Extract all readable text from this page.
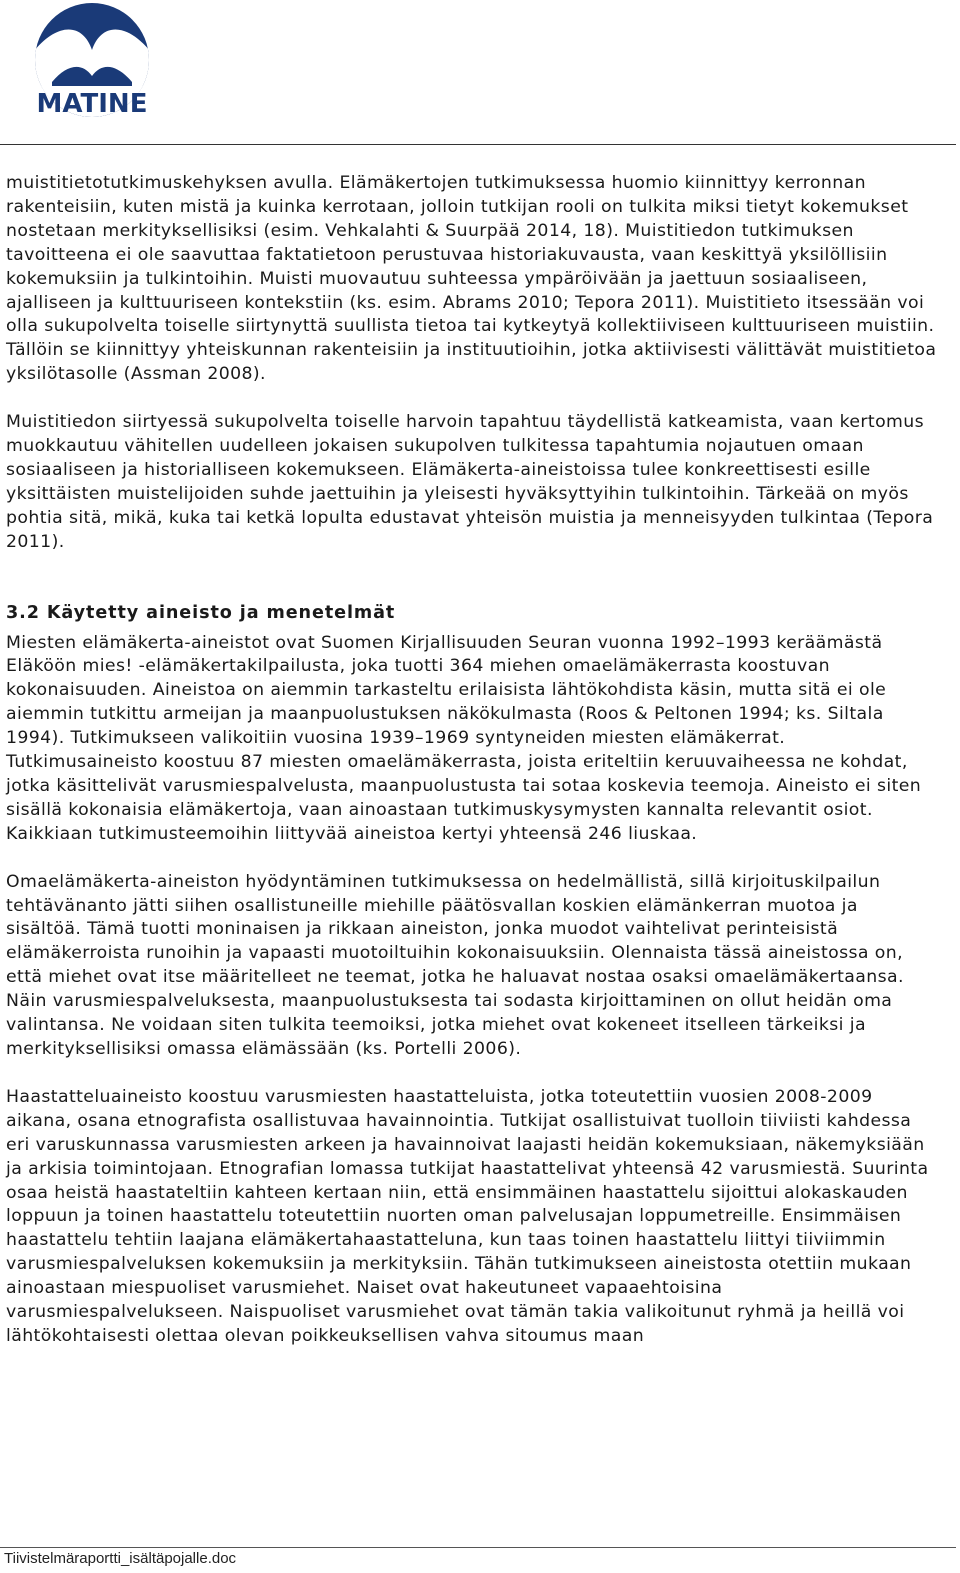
MATINE

muistitietotutkimuskehyksen avulla. Elämäkertojen tutkimuksessa huomio kiinnittyy kerronnan rakenteisiin, kuten mistä ja kuinka kerrotaan, jolloin tutkijan rooli on tulkita miksi tietyt kokemukset nostetaan merkityksellisiksi (esim. Vehkalahti & Suurpää 2014, 18). Muistitiedon tutkimuksen tavoitteena ei ole saavuttaa faktatietoon perustuvaa historiakuvausta, vaan keskittyä yksilöllisiin kokemuksiin ja tulkintoihin. Muisti muovautuu suhteessa ympäröivään ja jaettuun sosiaaliseen, ajalliseen ja kulttuuriseen kontekstiin (ks. esim. Abrams 2010; Tepora 2011). Muistitieto itsessään voi olla sukupolvelta toiselle siirtynyttä suullista tietoa tai kytkeytyä kollektiiviseen kulttuuriseen muistiin. Tällöin se kiinnittyy yhteiskunnan rakenteisiin ja instituutioihin, jotka aktiivisesti välittävät muistitietoa yksilötasolle (Assman 2008).

Muistitiedon siirtyessä sukupolvelta toiselle harvoin tapahtuu täydellistä katkeamista, vaan kertomus muokkautuu vähitellen uudelleen jokaisen sukupolven tulkitessa tapahtumia nojautuen omaan sosiaaliseen ja historialliseen kokemukseen. Elämäkerta-aineistoissa tulee konkreettisesti esille yksittäisten muistelijoiden suhde jaettuihin ja yleisesti hyväksyttyihin tulkintoihin. Tärkeää on myös pohtia sitä, mikä, kuka tai ketkä lopulta edustavat yhteisön muistia ja menneisyyden tulkintaa (Tepora 2011).

3.2 Käytetty aineisto ja menetelmät

Miesten elämäkerta-aineistot ovat Suomen Kirjallisuuden Seuran vuonna 1992–1993 keräämästä Eläköön mies! -elämäkertakilpailusta, joka tuotti 364 miehen omaelämäkerrasta koostuvan kokonaisuuden. Aineistoa on aiemmin tarkasteltu erilaisista lähtökohdista käsin, mutta sitä ei ole aiemmin tutkittu armeijan ja maanpuolustuksen näkökulmasta (Roos & Peltonen 1994; ks. Siltala 1994). Tutkimukseen valikoitiin vuosina 1939–1969 syntyneiden miesten elämäkerrat. Tutkimusaineisto koostuu 87 miesten omaelämäkerrasta, joista eriteltiin keruuvaiheessa ne kohdat, jotka käsittelivät varusmiespalvelusta, maanpuolustusta tai sotaa koskevia teemoja. Aineisto ei siten sisällä kokonaisia elämäkertoja, vaan ainoastaan tutkimuskysymysten kannalta relevantit osiot. Kaikkiaan tutkimusteemoihin liittyvää aineistoa kertyi yhteensä 246 liuskaa.

Omaelämäkerta-aineiston hyödyntäminen tutkimuksessa on hedelmällistä, sillä kirjoituskilpailun tehtävänanto jätti siihen osallistuneille miehille päätösvallan koskien elämänkerran muotoa ja sisältöä. Tämä tuotti moninaisen ja rikkaan aineiston, jonka muodot vaihtelivat perinteisistä elämäkerroista runoihin ja vapaasti muotoiltuihin kokonaisuuksiin. Olennaista tässä aineistossa on, että miehet ovat itse määritelleet ne teemat, jotka he haluavat nostaa osaksi omaelämäkertaansa. Näin varusmiespalveluksesta, maanpuolustuksesta tai sodasta kirjoittaminen on ollut heidän oma valintansa. Ne voidaan siten tulkita teemoiksi, jotka miehet ovat kokeneet itselleen tärkeiksi ja merkityksellisiksi omassa elämässään (ks. Portelli 2006).

Haastatteluaineisto koostuu varusmiesten haastatteluista, jotka toteutettiin vuosien 2008-2009 aikana, osana etnografista osallistuvaa havainnointia. Tutkijat osallistuivat tuolloin tiiviisti kahdessa eri varuskunnassa varusmiesten arkeen ja havainnoivat laajasti heidän kokemuksiaan, näkemyksiään ja arkisia toimintojaan. Etnografian lomassa tutkijat haastattelivat yhteensä 42 varusmiestä. Suurinta osaa heistä haastateltiin kahteen kertaan niin, että ensimmäinen haastattelu sijoittui alokaskauden loppuun ja toinen haastattelu toteutettiin nuorten oman palvelusajan loppumetreille. Ensimmäisen haastattelu tehtiin laajana elämäkertahaastatteluna, kun taas toinen haastattelu liittyi tiiviimmin varusmiespalveluksen kokemuksiin ja merkityksiin. Tähän tutkimukseen aineistosta otettiin mukaan ainoastaan miespuoliset varusmiehet. Naiset ovat hakeutuneet vapaaehtoisina varusmiespalvelukseen. Naispuoliset varusmiehet ovat tämän takia valikoitunut ryhmä ja heillä voi lähtökohtaisesti olettaa olevan poikkeuksellisen vahva sitoumus maan

Tiivistelmäraportti_isältäpojalle.doc
